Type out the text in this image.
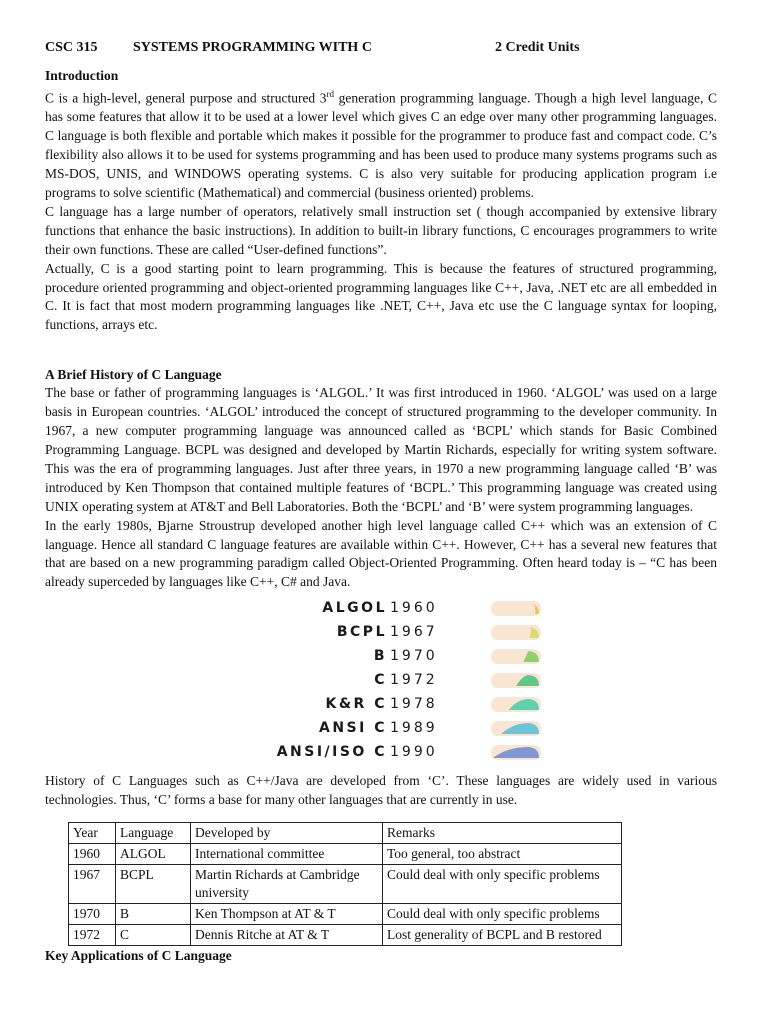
CSC 315	SYSTEMS PROGRAMMING WITH C	2 Credit Units

Introduction

C is a high-level, general purpose and structured 3rd generation programming language. Though a high level language, C has some features that allow it to be used at a lower level which gives C an edge over many other programming languages. C language is both flexible and portable which makes it possible for the programmer to produce fast and compact code. C’s flexibility also allows it to be used for systems programming and has been used to produce many systems programs such as MS-DOS, UNIS, and WINDOWS operating systems. C is also very suitable for producing application program i.e programs to solve scientific (Mathematical) and commercial (business oriented) problems.

C language has a large number of operators, relatively small instruction set ( though accompanied by extensive library functions that enhance the basic instructions). In addition to built-in library functions, C encourages programmers to write their own functions. These are called “User-defined functions”.

Actually, C is a good starting point to learn programming. This is because the features of structured programming, procedure oriented programming and object-oriented programming languages like C++, Java, .NET etc are all embedded in C. It is fact that most modern programming languages like .NET, C++, Java etc use the C language syntax for looping, functions, arrays etc.

A Brief History of C Language

The base or father of programming languages is ‘ALGOL.’ It was first introduced in 1960. ‘ALGOL’ was used on a large basis in European countries. ‘ALGOL’ introduced the concept of structured programming to the developer community. In 1967, a new computer programming language was announced called as ‘BCPL’ which stands for Basic Combined Programming Language. BCPL was designed and developed by Martin Richards, especially for writing system software. This was the era of programming languages. Just after three years, in 1970 a new programming language called ‘B’ was introduced by Ken Thompson that contained multiple features of ‘BCPL.’ This programming language was created using UNIX operating system at AT&T and Bell Laboratories. Both the ‘BCPL’ and ‘B’ were system programming languages.

In the early 1980s, Bjarne Stroustrup developed another high level language called C++ which was an extension of C language. Hence all standard C language features are available within C++. However, C++ has a several new features that that are based on a new programming paradigm called Object-Oriented Programming. Often heard today is – “C has been already superceded by languages like C++, C# and Java.

ALGOL 1960
BCPL 1967
B 1970
C 1972
K&R C 1978
ANSI C 1989
ANSI/ISO C 1990

History of C Languages such as C++/Java are developed from ‘C’. These languages are widely used in various technologies. Thus, ‘C’ forms a base for many other languages that are currently in use.

Year	Language	Developed by	Remarks
1960	ALGOL	International committee	Too general, too abstract
1967	BCPL	Martin Richards at Cambridge university	Could deal with only specific problems
1970	B	Ken Thompson at AT & T	Could deal with only specific problems
1972	C	Dennis Ritche at AT & T	Lost generality of BCPL and B restored

Key Applications of C Language
